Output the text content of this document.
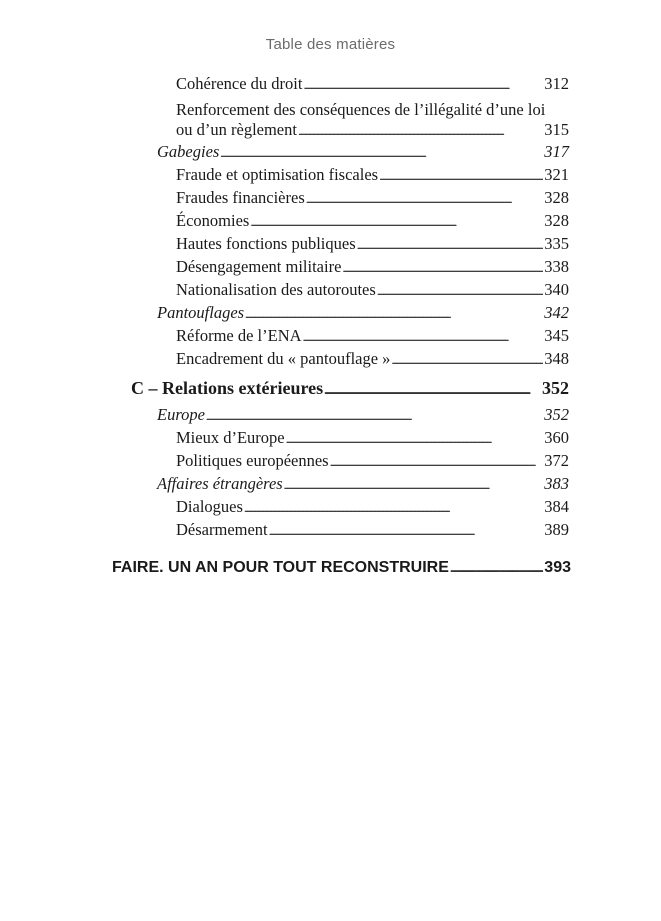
Table des matières
Cohérence du droit . . .	312
Renforcement des conséquences de l’illégalité d’une loi
ou d’un règlement . . .	315
Gabegies . . .	317
Fraude et optimisation fiscales . . .	321
Fraudes financières . . .	328
Économies . . .	328
Hautes fonctions publiques . . .	335
Désengagement militaire . . .	338
Nationalisation des autoroutes . . .	340
Pantouflages . . .	342
Réforme de l’ENA . . .	345
Encadrement du « pantouflage » . . .	348
C – Relations extérieures . . .	352
Europe . . .	352
Mieux d’Europe . . .	360
Politiques européennes . . .	372
Affaires étrangères . . .	383
Dialogues . . .	384
Désarmement . . .	389
FAIRE. UN AN POUR TOUT RECONSTRUIRE . . .	393
